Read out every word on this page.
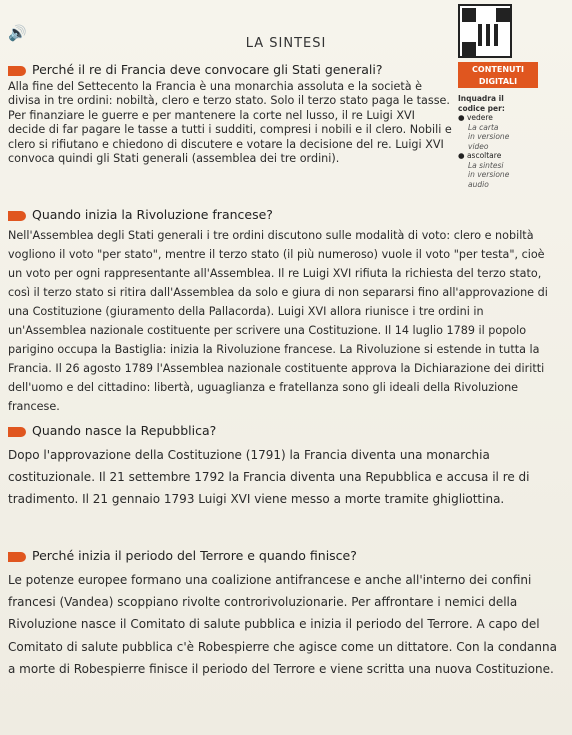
🔊
LA SINTESI
CONTENUTI
DIGITALI
Inquadra il
codice per:
● vedere
La carta
in versione
video
● ascoltare
La sintesi
in versione
audio
Perché il re di Francia deve convocare gli Stati generali?
Alla fine del Settecento la Francia è una monarchia assoluta e la società è divisa in tre ordini: nobiltà, clero e terzo stato. Solo il terzo stato paga le tasse. Per finanziare le guerre e per mantenere la corte nel lusso, il re Luigi XVI decide di far pagare le tasse a tutti i sudditi, compresi i nobili e il clero. Nobili e clero si rifiutano e chiedono di discutere e votare la decisione del re. Luigi XVI convoca quindi gli Stati generali (assemblea dei tre ordini).
Quando inizia la Rivoluzione francese?
Nell'Assemblea degli Stati generali i tre ordini discutono sulle modalità di voto: clero e nobiltà vogliono il voto "per stato", mentre il terzo stato (il più numeroso) vuole il voto "per testa", cioè un voto per ogni rappresentante all'Assemblea. Il re Luigi XVI rifiuta la richiesta del terzo stato, così il terzo stato si ritira dall'Assemblea da solo e giura di non separarsi fino all'approvazione di una Costituzione (giuramento della Pallacorda). Luigi XVI allora riunisce i tre ordini in un'Assemblea nazionale costituente per scrivere una Costituzione. Il 14 luglio 1789 il popolo parigino occupa la Bastiglia: inizia la Rivoluzione francese. La Rivoluzione si estende in tutta la Francia. Il 26 agosto 1789 l'Assemblea nazionale costituente approva la Dichiarazione dei diritti dell'uomo e del cittadino: libertà, uguaglianza e fratellanza sono gli ideali della Rivoluzione francese.
Quando nasce la Repubblica?
Dopo l'approvazione della Costituzione (1791) la Francia diventa una monarchia costituzionale. Il 21 settembre 1792 la Francia diventa una Repubblica e accusa il re di tradimento. Il 21 gennaio 1793 Luigi XVI viene messo a morte tramite ghigliottina.
Perché inizia il periodo del Terrore e quando finisce?
Le potenze europee formano una coalizione antifrancese e anche all'interno dei confini francesi (Vandea) scoppiano rivolte controrivoluzionarie. Per affrontare i nemici della Rivoluzione nasce il Comitato di salute pubblica e inizia il periodo del Terrore. A capo del Comitato di salute pubblica c'è Robespierre che agisce come un dittatore. Con la condanna a morte di Robespierre finisce il periodo del Terrore e viene scritta una nuova Costituzione.
